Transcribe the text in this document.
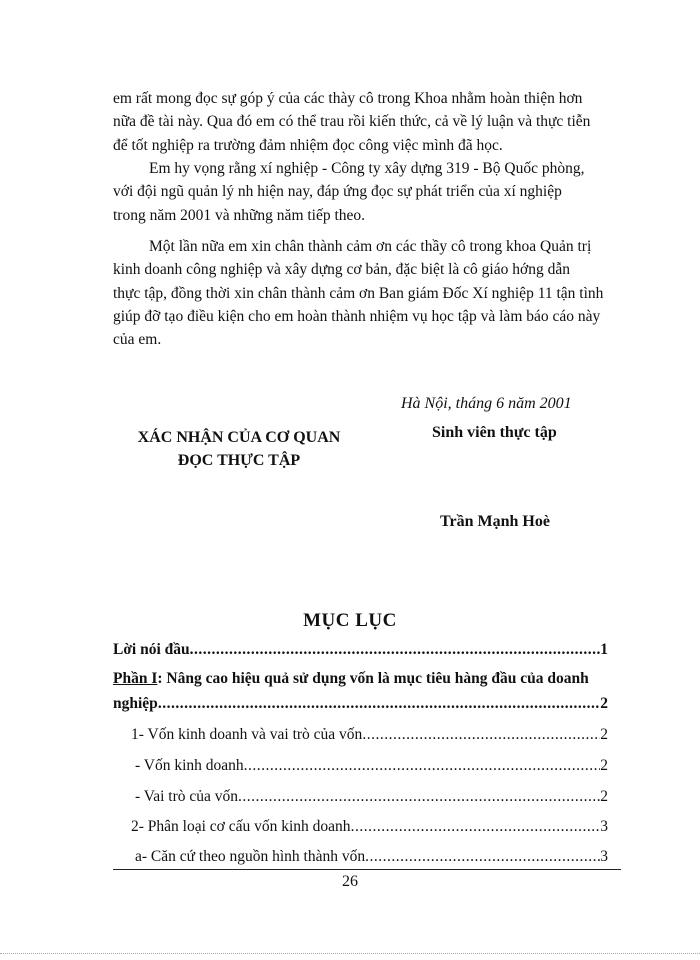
em rất mong đọc sự góp ý của các thày cô trong Khoa nhằm hoàn thiện hơn
nữa đề tài này. Qua đó em có thể trau rồi kiến thức, cả về lý luận và thực tiễn
để tốt nghiệp ra trường đảm nhiệm đọc công việc mình đã học.

Em hy vọng rằng xí nghiệp - Công ty xây dựng 319 - Bộ Quốc phòng,
với đội ngũ quản lý nh hiện nay, đáp ứng đọc sự phát triển của xí nghiệp
trong năm 2001 và những năm tiếp theo.

Một lần nữa em xin chân thành cảm ơn các thầy cô trong khoa Quản trị
kinh doanh công nghiệp và xây dựng cơ bản, đặc biệt là cô giáo hớng dẫn
thực tập, đồng thời xin chân thành cảm ơn Ban giám Đốc Xí nghiệp 11 tận tình
giúp đỡ tạo điều kiện cho em hoàn thành nhiệm vụ học tập và làm báo cáo này
của em.

Hà Nội, tháng 6 năm 2001
XÁC NHẬN CỦA CƠ QUAN
ĐỌC THỰC TẬP
Sinh viên thực tập
Trần Mạnh Hoè
MỤC LỤC
Lời nói đầu .....	1
Phần I: Nâng cao hiệu quả sử dụng vốn là mục tiêu hàng đầu của doanh
nghiệp .....	2
1- Vốn kinh doanh và vai trò của vốn .....	2
- Vốn kinh doanh .....	2
- Vai trò của vốn .....	2
2- Phân loại cơ cấu vốn kinh doanh .....	3
a- Căn cứ theo nguồn hình thành vốn .....	3
26
